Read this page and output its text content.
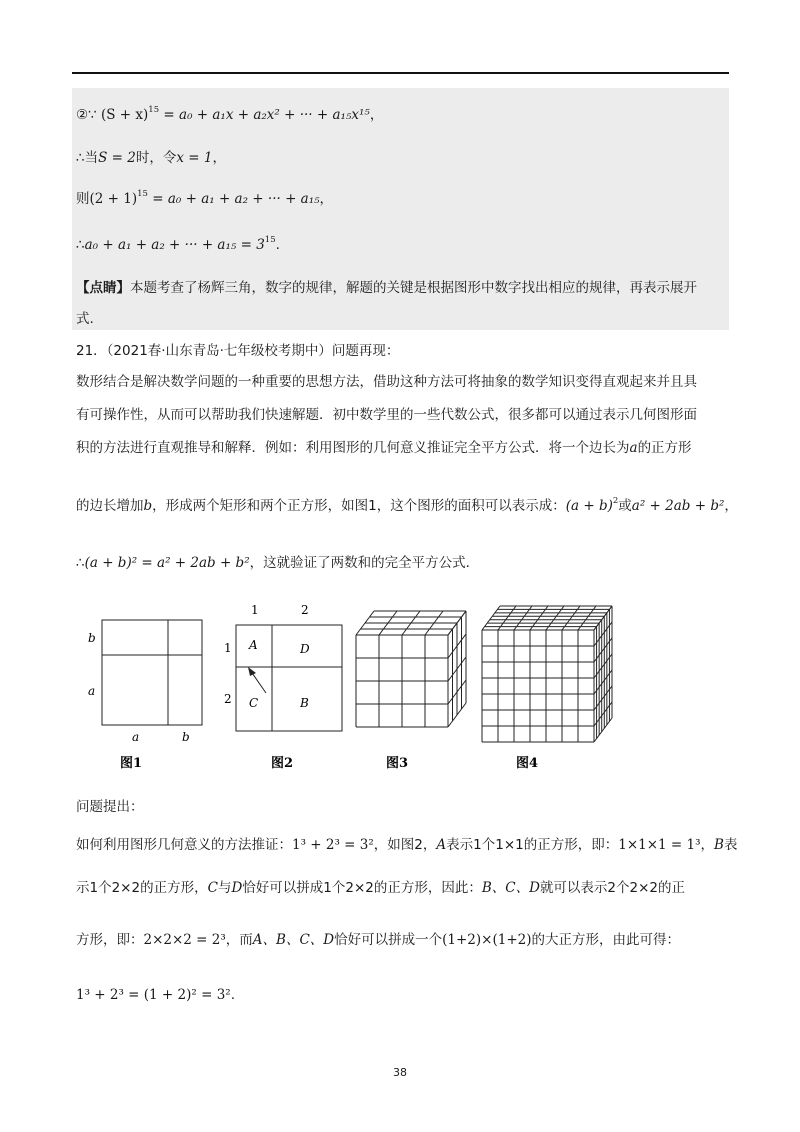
②∵ $(S + x)^{15} = a_0 + a_1x + a_2x^2$ + ··· + a₁₅x¹⁵，
∴当S = 2时，令x = 1，
则$(2 + 1)^{15} = a_0 + a_1 + a_2$ + ··· + a₁₅，
∴a₀ + a₁ + a₂ + ··· + $a_{15} = 3^{15}$.
【点睛】本题考查了杨辉三角，数字的规律，解题的关键是根据图形中数字找出相应的规律，再表示展开
式.
21．（2021春·山东青岛·七年级校考期中）问题再现：
数形结合是解决数学问题的一种重要的思想方法，借助这种方法可将抽象的数学知识变得直观起来并且具
有可操作性，从而可以帮助我们快速解题．初中数学里的一些代数公式，很多都可以通过表示几何图形面
积的方法进行直观推导和解释．例如：利用图形的几何意义推证完全平方公式．将一个边长为a的正方形
的边长增加b，形成两个矩形和两个正方形，如图1，这个图形的面积可以表示成：$(a + b)^2$或a² + 2ab + b²，
∴(a + b)² = a² + 2ab + b²，这就验证了两数和的完全平方公式．
b
a
a	b
图1
1	2
1
2
A	D
C	B
图2	图3	图4
问题提出：
如何利用图形几何意义的方法推证：1³ + 2³ = 3²，如图2，A表示1个1×1的正方形，即：1×1×1 = 1³，B表
示1个2×2的正方形，C与D恰好可以拼成1个2×2的正方形，因此：B、C、D就可以表示2个2×2的正
方形，即：2×2×2 = 2³，而A、B、C、D恰好可以拼成一个(1+2)×(1+2)的大正方形，由此可得：
1³ + 2³ = (1 + 2)² = 3².
38
